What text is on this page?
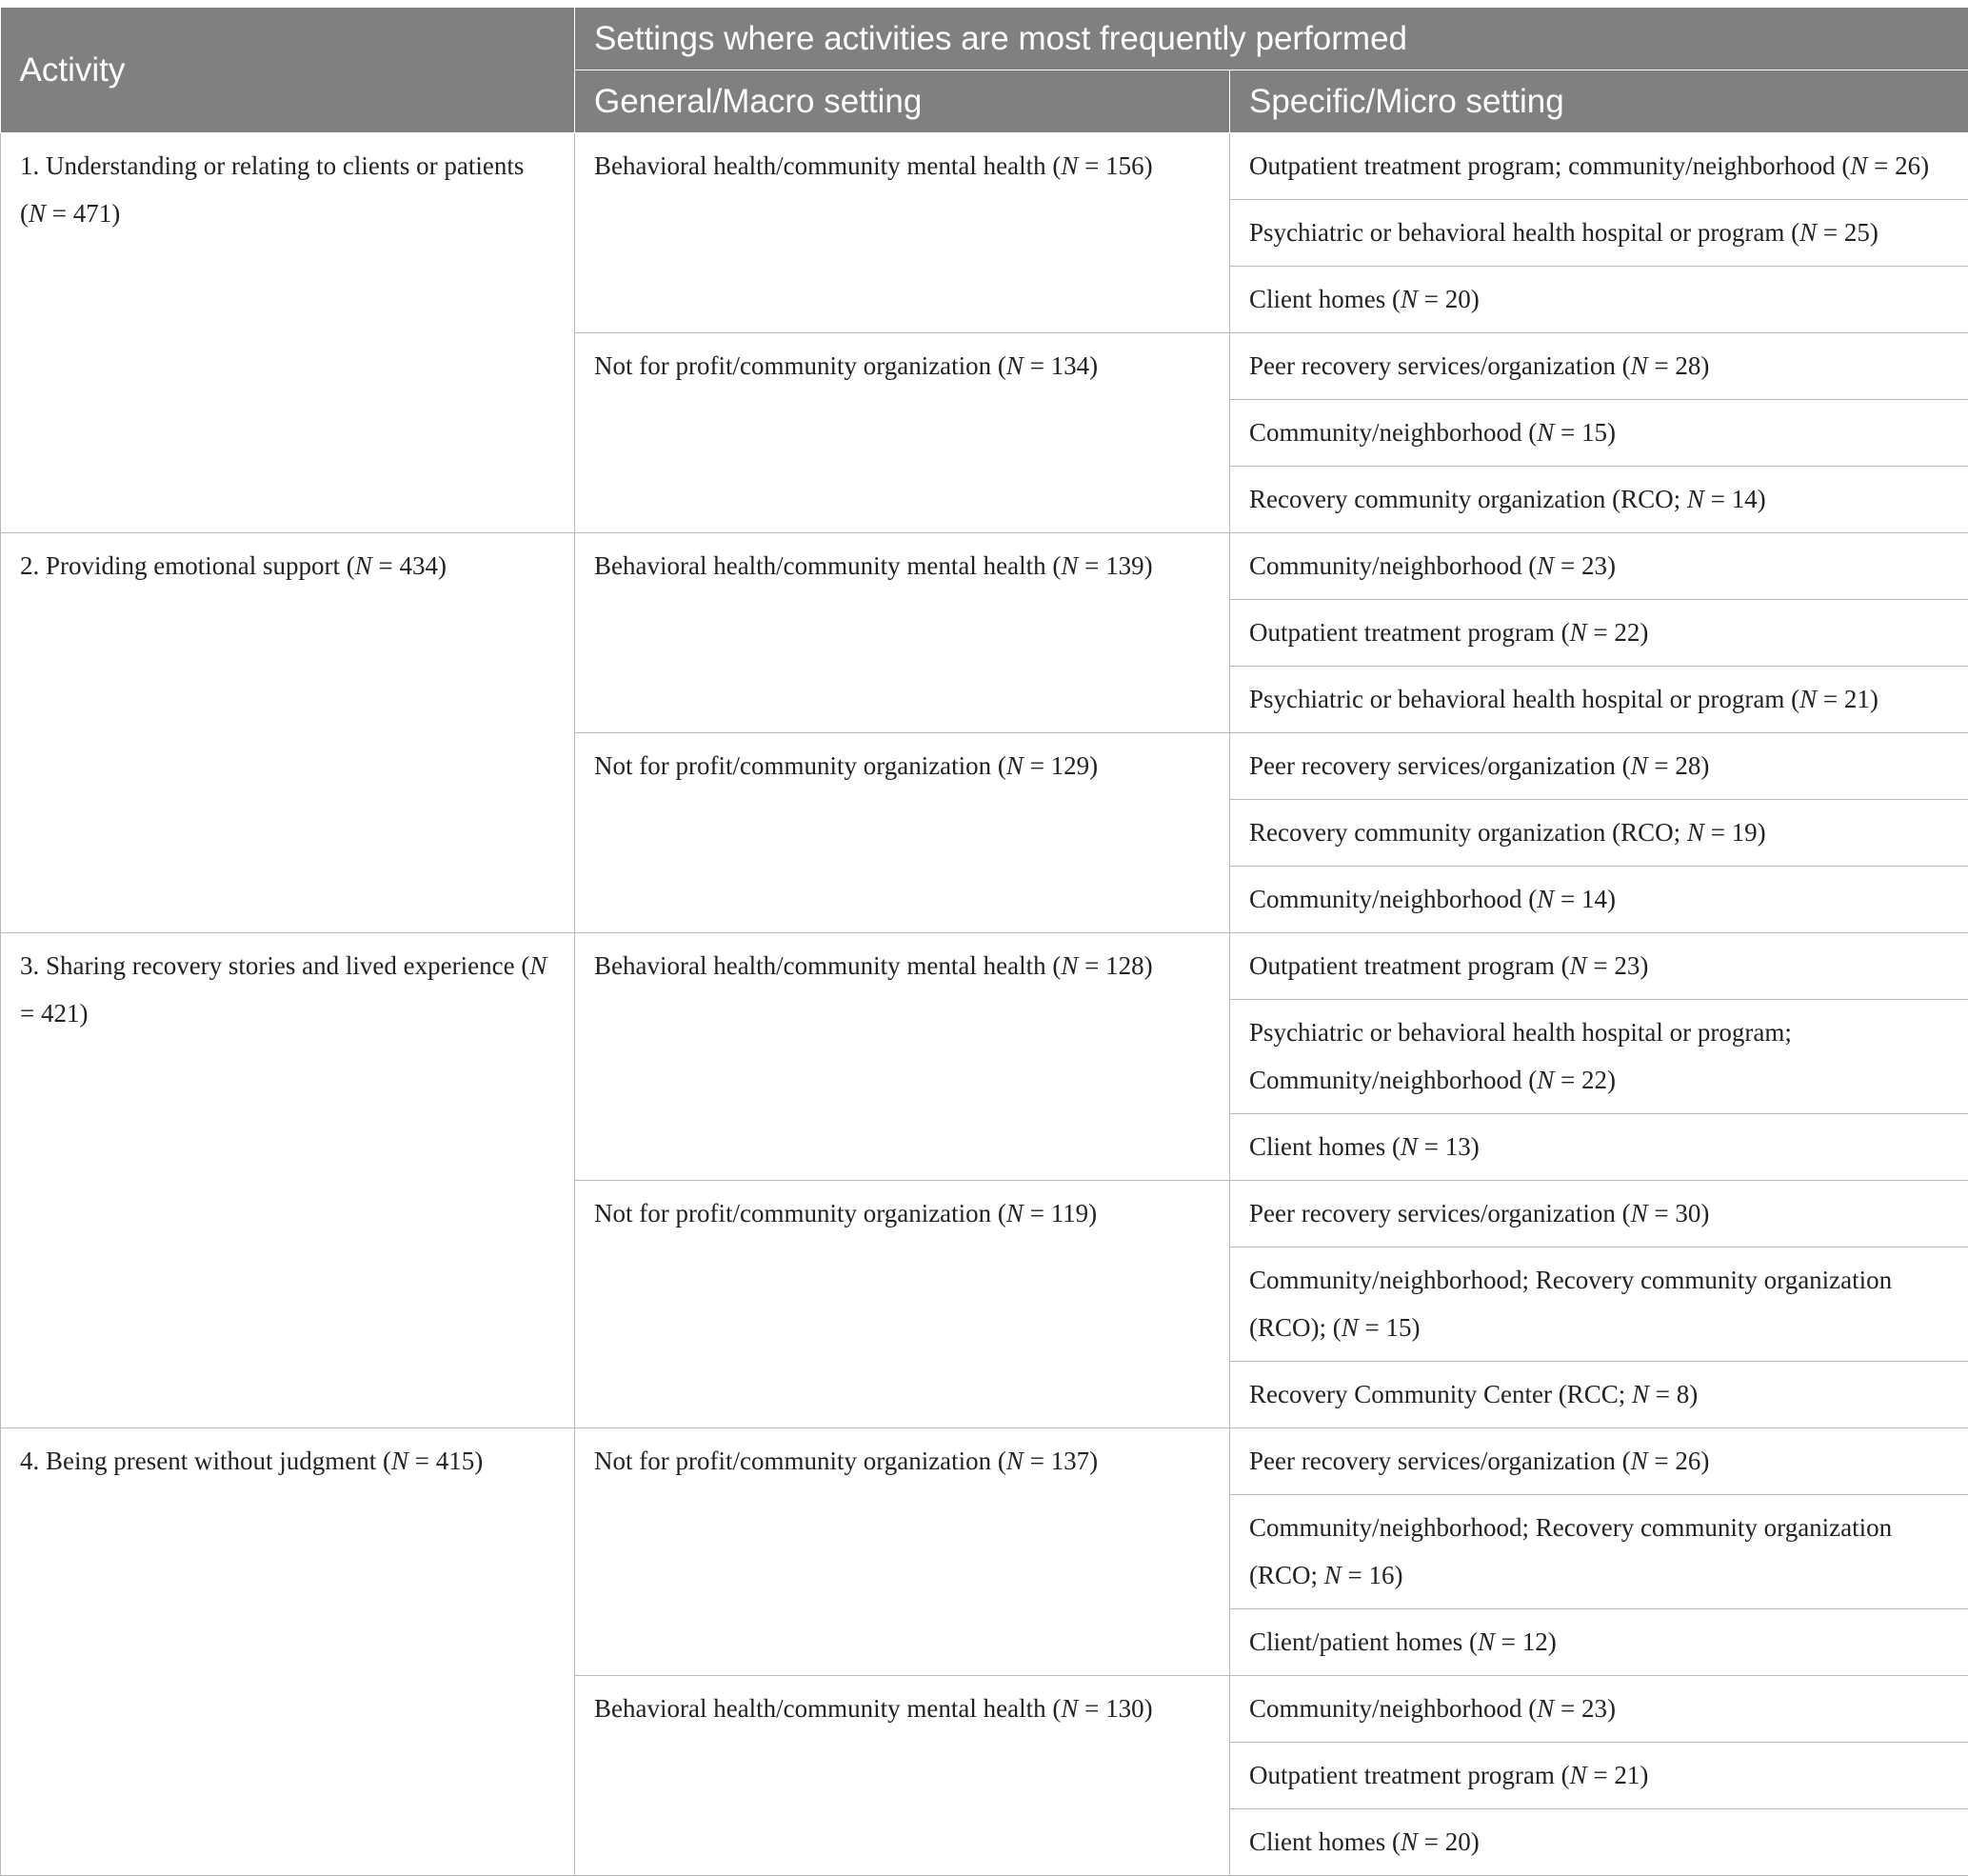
Activity	Settings where activities are most frequently performed	
	General/Macro setting	Specific/Micro setting
1. Understanding or relating to clients or patients (N = 471)	Behavioral health/community mental health (N = 156)	Outpatient treatment program; community/neighborhood (N = 26)
		Psychiatric or behavioral health hospital or program (N = 25)
		Client homes (N = 20)
	Not for profit/community organization (N = 134)	Peer recovery services/organization (N = 28)
		Community/neighborhood (N = 15)
		Recovery community organization (RCO; N = 14)
2. Providing emotional support (N = 434)	Behavioral health/community mental health (N = 139)	Community/neighborhood (N = 23)
		Outpatient treatment program (N = 22)
		Psychiatric or behavioral health hospital or program (N = 21)
	Not for profit/community organization (N = 129)	Peer recovery services/organization (N = 28)
		Recovery community organization (RCO; N = 19)
		Community/neighborhood (N = 14)
3. Sharing recovery stories and lived experience (N = 421)	Behavioral health/community mental health (N = 128)	Outpatient treatment program (N = 23)
		Psychiatric or behavioral health hospital or program; Community/neighborhood (N = 22)
		Client homes (N = 13)
	Not for profit/community organization (N = 119)	Peer recovery services/organization (N = 30)
		Community/neighborhood; Recovery community organization (RCO); (N = 15)
		Recovery Community Center (RCC; N = 8)
4. Being present without judgment (N = 415)	Not for profit/community organization (N = 137)	Peer recovery services/organization (N = 26)
		Community/neighborhood; Recovery community organization (RCO; N = 16)
		Client/patient homes (N = 12)
	Behavioral health/community mental health (N = 130)	Community/neighborhood (N = 23)
		Outpatient treatment program (N = 21)
		Client homes (N = 20)
